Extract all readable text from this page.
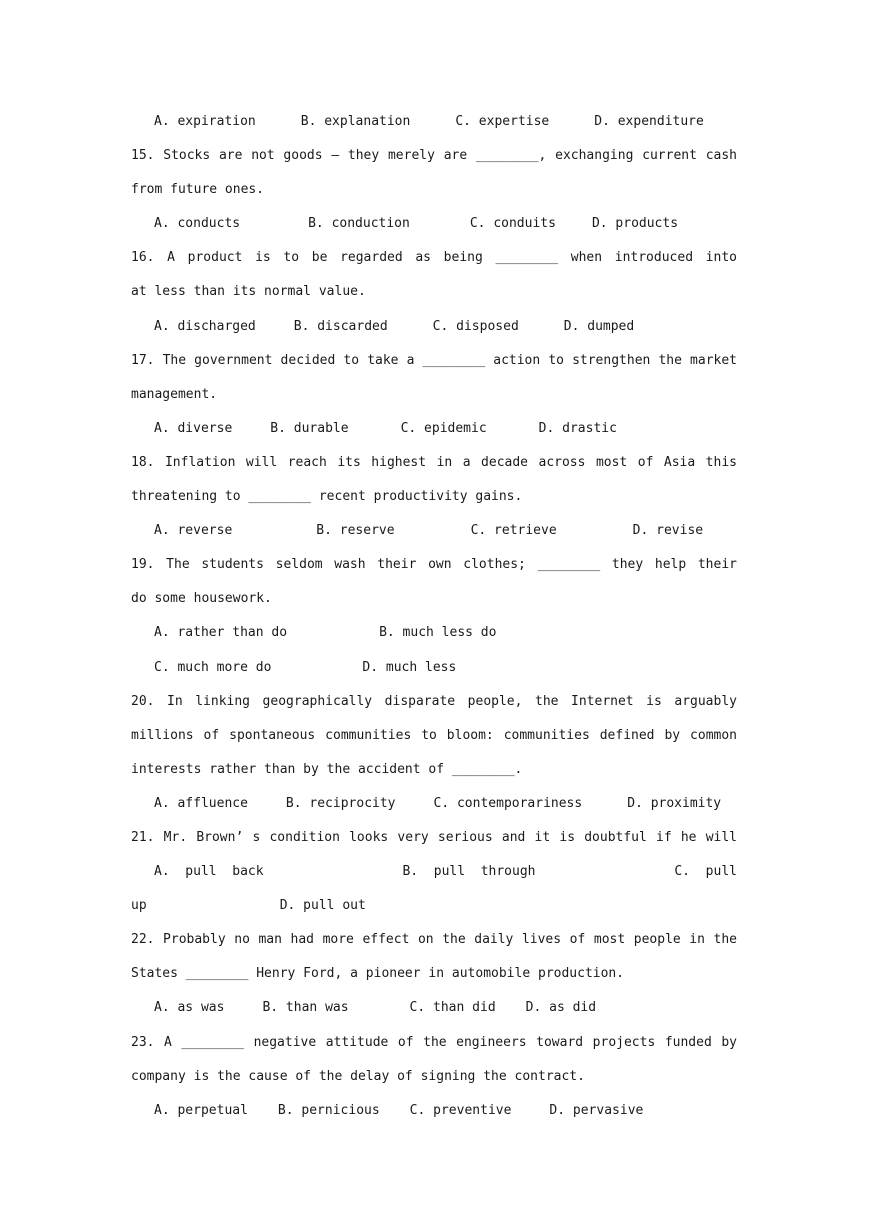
A. expiration	B. explanation	C. expertise	D. expenditure
15. Stocks are not goods – they merely are ________, exchanging current cash
from future ones.
A. conducts	B. conduction	C. conduits	D. products
16. A product is to be regarded as being ________ when introduced into
at less than its normal value.
A. discharged	B. discarded	C. disposed	D. dumped
17. The government decided to take a ________ action to strengthen the market
management.
A. diverse	B. durable	C. epidemic	D. drastic
18. Inflation will reach its highest in a decade across most of Asia this
threatening to ________ recent productivity gains.
A. reverse	B. reserve	C. retrieve	D. revise
19. The students seldom wash their own clothes; ________ they help their
do some housework.
A. rather than do	B. much less do
C. much more do	D. much less
20. In linking geographically disparate people, the Internet is arguably
millions of spontaneous communities to bloom: communities defined by common
interests rather than by the accident of ________.
A. affluence	B. reciprocity	C. contemporariness	D. proximity
21. Mr. Brown’ s condition looks very serious and it is doubtful if he will
A.  pull  back	B.  pull  through	C.  pull
up                 D. pull out
22. Probably no man had more effect on the daily lives of most people in the
States ________ Henry Ford, a pioneer in automobile production.
A. as was	B. than was	C. than did D. as did
23. A ________ negative attitude of the engineers toward projects funded by
company is the cause of the delay of signing the contract.
A. perpetual B. pernicious C. preventive	D. pervasive
